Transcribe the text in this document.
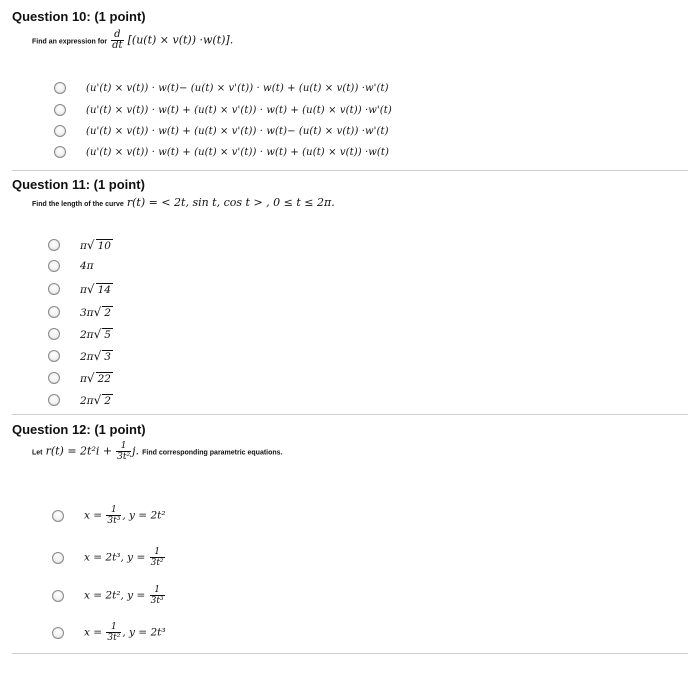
Question 10: (1 point)
Find an expression for $\frac{d}{dt} [(u(t) \times v(t)) \cdot w(t)]$.
(u'(t) × v(t)) · w(t)− (u(t) × v'(t)) · w(t) + (u(t) × v(t)) ·w'(t)
(u'(t) × v(t)) · w(t) + (u(t) × v'(t)) · w(t) + (u(t) × v(t)) ·w'(t)
(u'(t) × v(t)) · w(t) + (u(t) × v'(t)) · w(t)− (u(t) × v(t)) ·w'(t)
(u'(t) × v(t)) · w(t) + (u(t) × v'(t)) · w(t) + (u(t) × v(t)) ·w(t)
Question 11: (1 point)
Find the length of the curve r(t) = < 2t, sin t, cos t > , 0 ≤ t ≤ 2π.
π√ 10
4π
π√ 14
3π√ 2
2π√ 5
2π√ 3
π√ 22
2π√ 2
Question 12: (1 point)
Let $r(t) = 2t^2i + \frac{1}{\text{3t²}} j$. Find corresponding parametric equations.
$x = \frac{1}{\text{3t³}}$ , y = 2t²
x = 2t³, $y = \frac{1}{\text{3t²}}$
x = 2t², $y = \frac{1}{\text{3t³}}$
$x = \frac{1}{\text{3t²}}$ , y = 2t³
